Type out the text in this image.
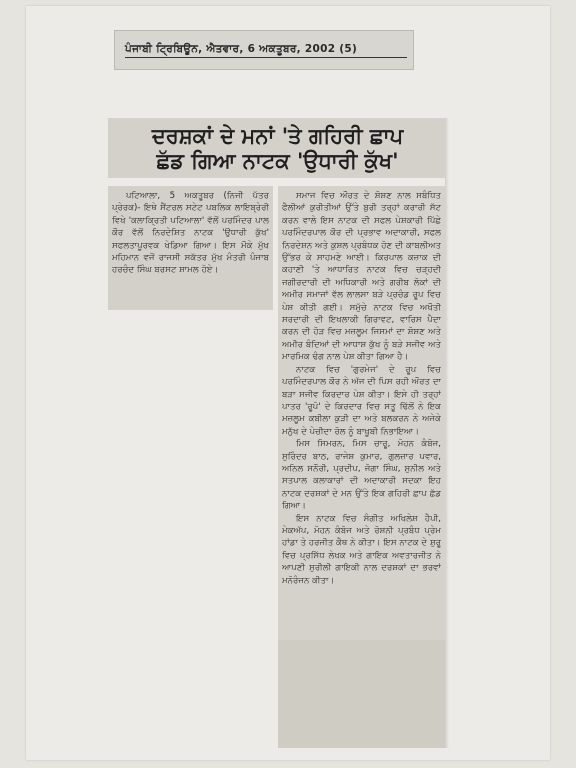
ਪੰਜਾਬੀ ਟ੍ਰਿਬਿਊਨ, ਐਤਵਾਰ, 6 ਅਕਤੂਬਰ, 2002 (5)
ਦਰਸ਼ਕਾਂ ਦੇ ਮਨਾਂ 'ਤੇ ਗਹਿਰੀ ਛਾਪ
ਛੱਡ ਗਿਆ ਨਾਟਕ 'ਉਧਾਰੀ ਕੁੱਖ'

ਪਟਿਆਲਾ, 5 ਅਕਤੂਬਰ (ਨਿਜੀ ਪੱਤਰ ਪ੍ਰੇਰਕ)- ਇਥੇ ਸੈਂਟਰਲ ਸਟੇਟ ਪਬਲਿਕ ਲਾਇਬ੍ਰੇਰੀ ਵਿਖੇ 'ਕਲਾਕ੍ਰਿਤੀ ਪਟਿਆਲਾ' ਵੱਲੋਂ ਪਰਮਿੰਦਰ ਪਾਲ ਕੌਰ ਵੱਲੋਂ ਨਿਰਦੇਸ਼ਿਤ ਨਾਟਕ 'ਉਧਾਰੀ ਕੁੱਖ' ਸਫਲਤਾਪੂਰਵਕ ਖੇਡਿਆ ਗਿਆ। ਇਸ ਮੌਕੇ ਮੁੱਖ ਮਹਿਮਾਨ ਵਜੋਂ ਰਾਜਸੀ ਸਕੱਤਰ ਮੁੱਖ ਮੰਤਰੀ ਪੰਜਾਬ ਹਰਚੰਦ ਸਿੰਘ ਬਰਸਟ ਸ਼ਾਮਲ ਹੋਏ।

ਸਮਾਜ ਵਿਚ ਔਰਤ ਦੇ ਸ਼ੋਸ਼ਣ ਨਾਲ ਸਬੰਧਿਤ ਫੈਲੀਆਂ ਕੁਰੀਤੀਆਂ ਉੱਤੇ ਬੁਰੀ ਤਰ੍ਹਾਂ ਕਰਾਰੀ ਸੱਟ ਕਰਨ ਵਾਲੇ ਇਸ ਨਾਟਕ ਦੀ ਸਫਲ ਪੇਸ਼ਕਾਰੀ ਪਿੱਛੇ ਪਰਮਿੰਦਰਪਾਲ ਕੌਰ ਦੀ ਪ੍ਰਭਾਵ ਅਦਾਕਾਰੀ, ਸਫਲ ਨਿਰਦੇਸ਼ਨ ਅਤੇ ਕੁਸ਼ਲ ਪ੍ਰਬੰਧਕ ਹੋਣ ਦੀ ਕਾਬਲੀਅਤ ਉੱਭਰ ਕੇ ਸਾਹਮਣੇ ਆਈ। ਕਿਰਪਾਲ ਕਜ਼ਾਕ ਦੀ ਕਹਾਣੀ 'ਤੇ ਆਧਾਰਿਤ ਨਾਟਕ ਵਿਚ ਚੜ੍ਹਦੀ ਜਗੀਰਦਾਰੀ ਦੀ ਅਧਿਕਾਰੀ ਅਤੇ ਗਰੀਬ ਲੋਕਾਂ ਦੀ ਅਮੀਰ ਸਮਾਜਾਂ ਵੱਲ ਲਾਲਸਾ ਬੜੇ ਪ੍ਰਚੰਡ ਰੂਪ ਵਿਚ ਪੇਸ਼ ਕੀਤੀ ਗਈ। ਸਮੁੱਚੇ ਨਾਟਕ ਵਿਚ ਅਖੌਤੀ ਸਰਦਾਰੀ ਦੀ ਇਖਲਾਕੀ ਗਿਰਾਵਟ, ਵਾਰਿਸ ਪੈਦਾ ਕਰਨ ਦੀ ਹੋੜ ਵਿਚ ਮਜ਼ਲੂਮ ਜਿਸਮਾਂ ਦਾ ਸ਼ੋਸ਼ਣ ਅਤੇ ਅਮੀਰ ਬੰਦਿਆਂ ਦੀ ਆਧਾਸ਼ ਕੁੱਖ ਨੂੰ ਬੜੇ ਸਜੀਵ ਅਤੇ ਮਾਰਮਿਕ ਢੰਗ ਨਾਲ ਪੇਸ਼ ਕੀਤਾ ਗਿਆ ਹੈ।

ਨਾਟਕ ਵਿਚ 'ਗੁਰਮੇਜ' ਦੇ ਰੂਪ ਵਿਚ ਪਰਮਿੰਦਰਪਾਲ ਕੌਰ ਨੇ ਅੱਜ ਦੀ ਪਿਸ ਰਹੀ ਔਰਤ ਦਾ ਬੜਾ ਸਜੀਵ ਕਿਰਦਾਰ ਪੇਸ਼ ਕੀਤਾ। ਇਸੇ ਹੀ ਤਰ੍ਹਾਂ ਪਾਤਰ 'ਰੂਪੋ' ਦੇ ਕਿਰਦਾਰ ਵਿਚ ਸਤੂ ਢਿੱਲੋਂ ਨੇ ਇਕ ਮਜ਼ਲੂਮ ਕਬੀਲਾ ਕੁੜੀ ਦਾ ਅਤੇ ਬਲਕਰਨ ਨੇ ਅਜੇਕੇ ਮਨੁੱਖ ਦੇ ਪੇਚੀਦਾ ਰੋਲ ਨੂੰ ਬਾਖੂਬੀ ਨਿਭਾਇਆ।

ਮਿਸ ਸਿਮਰਨ, ਮਿਸ ਚਾਰੂ, ਮੋਹਨ ਕੰਬੋਜ, ਸੁਰਿੰਦਰ ਬਾਠ, ਰਾਜੇਸ਼ ਕੁਮਾਰ, ਗੁਲਜ਼ਾਰ ਪਵਾਰ, ਅਨਿਲ ਸਨੌਰੀ, ਪ੍ਰਦੀਪ, ਜੋਗਾ ਸਿੰਘ, ਸੁਨੀਲ ਅਤੇ ਸਤਪਾਲ ਕਲਾਕਾਰਾਂ ਦੀ ਅਦਾਕਾਰੀ ਸਦਕਾ ਇਹ ਨਾਟਕ ਦਰਸ਼ਕਾਂ ਦੇ ਮਨ ਉੱਤੇ ਇਕ ਗਹਿਰੀ ਛਾਪ ਛੱਡ ਗਿਆ।

ਇਸ ਨਾਟਕ ਵਿਚ ਸੰਗੀਤ ਅਖਿਲੇਸ਼ ਹੈਪੀ, ਮੇਕਅੱਪ, ਮੋਹਨ ਕੰਬੋਜ ਅਤੇ ਰੋਸ਼ਨੀ ਪ੍ਰਬੰਧ ਪ੍ਰੇਮ ਹਾਂਡਾ ਤੇ ਹਰਜੀਤ ਕੈਥ ਨੇ ਕੀਤਾ। ਇਸ ਨਾਟਕ ਦੇ ਸ਼ੁਰੂ ਵਿਚ ਪ੍ਰਸਿੱਧ ਲੇਖਕ ਅਤੇ ਗਾਇਕ ਅਵਤਾਰਜੀਤ ਨੇ ਆਪਣੀ ਸੁਰੀਲੀ ਗਾਇਕੀ ਨਾਲ ਦਰਸ਼ਕਾਂ ਦਾ ਭਰਵਾਂ ਮਨੋਰੰਜਨ ਕੀਤਾ।
